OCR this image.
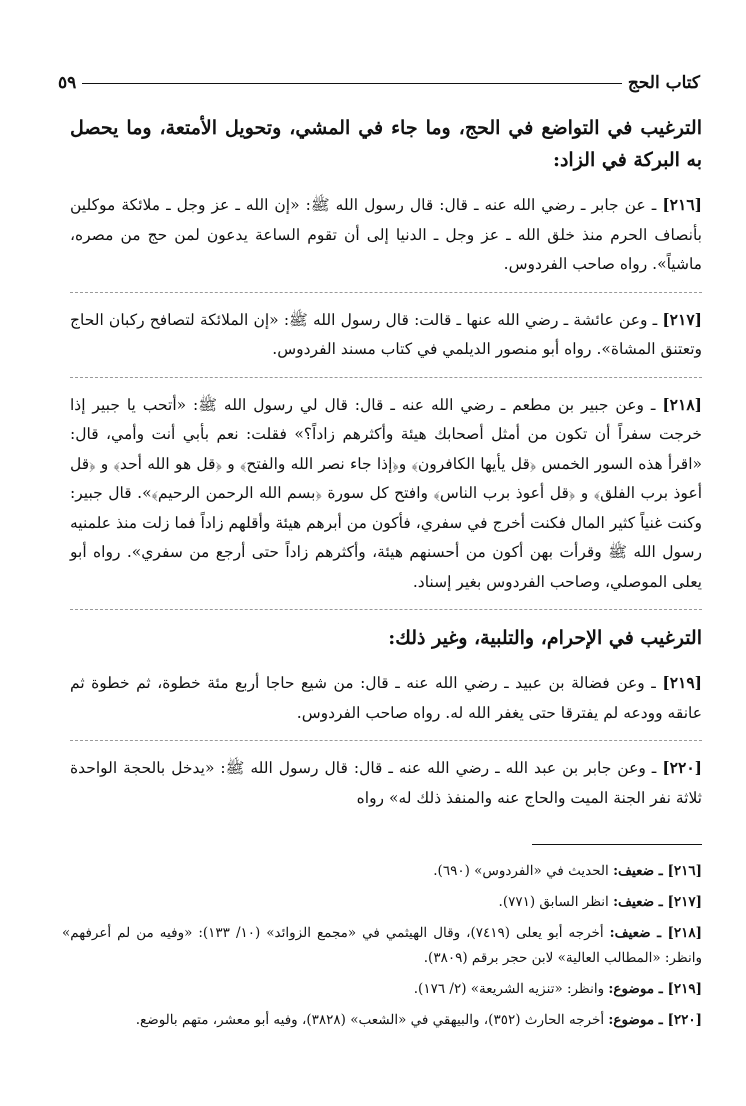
كتاب الحج
٥٩

الترغيب في التواضع في الحج، وما جاء في المشي، وتحويل الأمتعة، وما يحصل به البركة في الزاد:

[٢١٦] ـ عن جابر ـ رضي الله عنه ـ قال: قال رسول الله ﷺ: «إن الله ـ عز وجل ـ ملائكة موكلين بأنصاف الحرم منذ خلق الله ـ عز وجل ـ الدنيا إلى أن تقوم الساعة يدعون لمن حج من مصره، ماشياً». رواه صاحب الفردوس.

[٢١٧] ـ وعن عائشة ـ رضي الله عنها ـ قالت: قال رسول الله ﷺ: «إن الملائكة لتصافح ركبان الحاج وتعتنق المشاة». رواه أبو منصور الديلمي في كتاب مسند الفردوس.

[٢١٨] ـ وعن جبير بن مطعم ـ رضي الله عنه ـ قال: قال لي رسول الله ﷺ: «أتحب يا جبير إذا خرجت سفراً أن تكون من أمثل أصحابك هيئة وأكثرهم زاداً؟» فقلت: نعم بأبي أنت وأمي، قال: «اقرأ هذه السور الخمس ﴿قل يأيها الكافرون﴾ و﴿إذا جاء نصر الله والفتح﴾ و ﴿قل هو الله أحد﴾ و ﴿قل أعوذ برب الفلق﴾ و ﴿قل أعوذ برب الناس﴾ وافتح كل سورة ﴿بسم الله الرحمن الرحيم﴾». قال جبير: وكنت غنياً كثير المال فكنت أخرج في سفري، فأكون من أبرهم هيئة وأقلهم زاداً فما زلت منذ علمنيه رسول الله ﷺ وقرأت بهن أكون من أحسنهم هيئة، وأكثرهم زاداً حتى أرجع من سفري». رواه أبو يعلى الموصلي، وصاحب الفردوس بغير إسناد.

الترغيب في الإحرام، والتلبية، وغير ذلك:

[٢١٩] ـ وعن فضالة بن عبيد ـ رضي الله عنه ـ قال: من شيع حاجا أربع مئة خطوة، ثم خطوة ثم عانقه وودعه لم يفترقا حتى يغفر الله له. رواه صاحب الفردوس.

[٢٢٠] ـ وعن جابر بن عبد الله ـ رضي الله عنه ـ قال: قال رسول الله ﷺ: «يدخل بالحجة الواحدة ثلاثة نفر الجنة الميت والحاج عنه والمنفذ ذلك له» رواه

[٢١٦] ـ ضعيف: الحديث في «الفردوس» (٦٩٠).

[٢١٧] ـ ضعيف: انظر السابق (٧٧١).

[٢١٨] ـ ضعيف: أخرجه أبو يعلى (٧٤١٩)، وقال الهيثمي في «مجمع الزوائد» (١٠/ ١٣٣): «وفيه من لم أعرفهم» وانظر: «المطالب العالية» لابن حجر برقم (٣٨٠٩).

[٢١٩] ـ موضوع: وانظر: «تنزيه الشريعة» (٢/ ١٧٦).

[٢٢٠] ـ موضوع: أخرجه الحارث (٣٥٢)، والبيهقي في «الشعب» (٣٨٢٨)، وفيه أبو معشر، متهم بالوضع.
